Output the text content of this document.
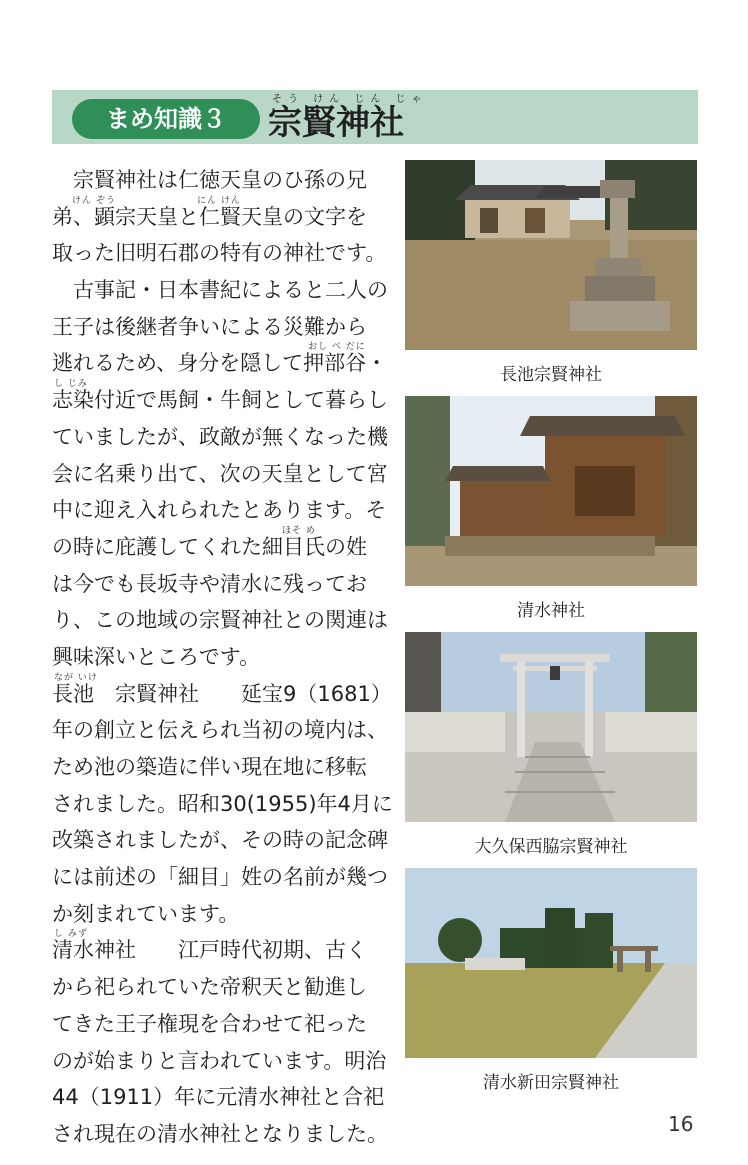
まめ知識３
そう けん じん じゃ
宗賢神社
　宗賢神社は仁徳天皇のひ孫の兄
けん ぞう	にん けん
弟、顕宗天皇と仁賢天皇の文字を
取った旧明石郡の特有の神社です。
　古事記・日本書紀によると二人の
王子は後継者争いによる災難から
おし べ だに
逃れるため、身分を隠して押部谷・
し じみ
志染付近で馬飼・牛飼として暮らし
ていましたが、政敵が無くなった機
会に名乗り出て、次の天皇として宮
中に迎え入れられたとあります。そ
ほそ め
の時に庇護してくれた細目氏の姓
は今でも長坂寺や清水に残ってお
り、この地域の宗賢神社との関連は
興味深いところです。
なが いけ
長池　宗賢神社　　延宝9（1681）
年の創立と伝えられ当初の境内は、
ため池の築造に伴い現在地に移転
されました。昭和30(1955)年4月に
改築されましたが、その時の記念碑
には前述の「細目」姓の名前が幾つ
か刻まれています。
し みず
清水神社　　江戸時代初期、古く
から祀られていた帝釈天と勧進し
てきた王子権現を合わせて祀った
のが始まりと言われています。明治
44（1911）年に元清水神社と合祀
され現在の清水神社となりました。
長池宗賢神社
清水神社
大久保西脇宗賢神社
清水新田宗賢神社
16
